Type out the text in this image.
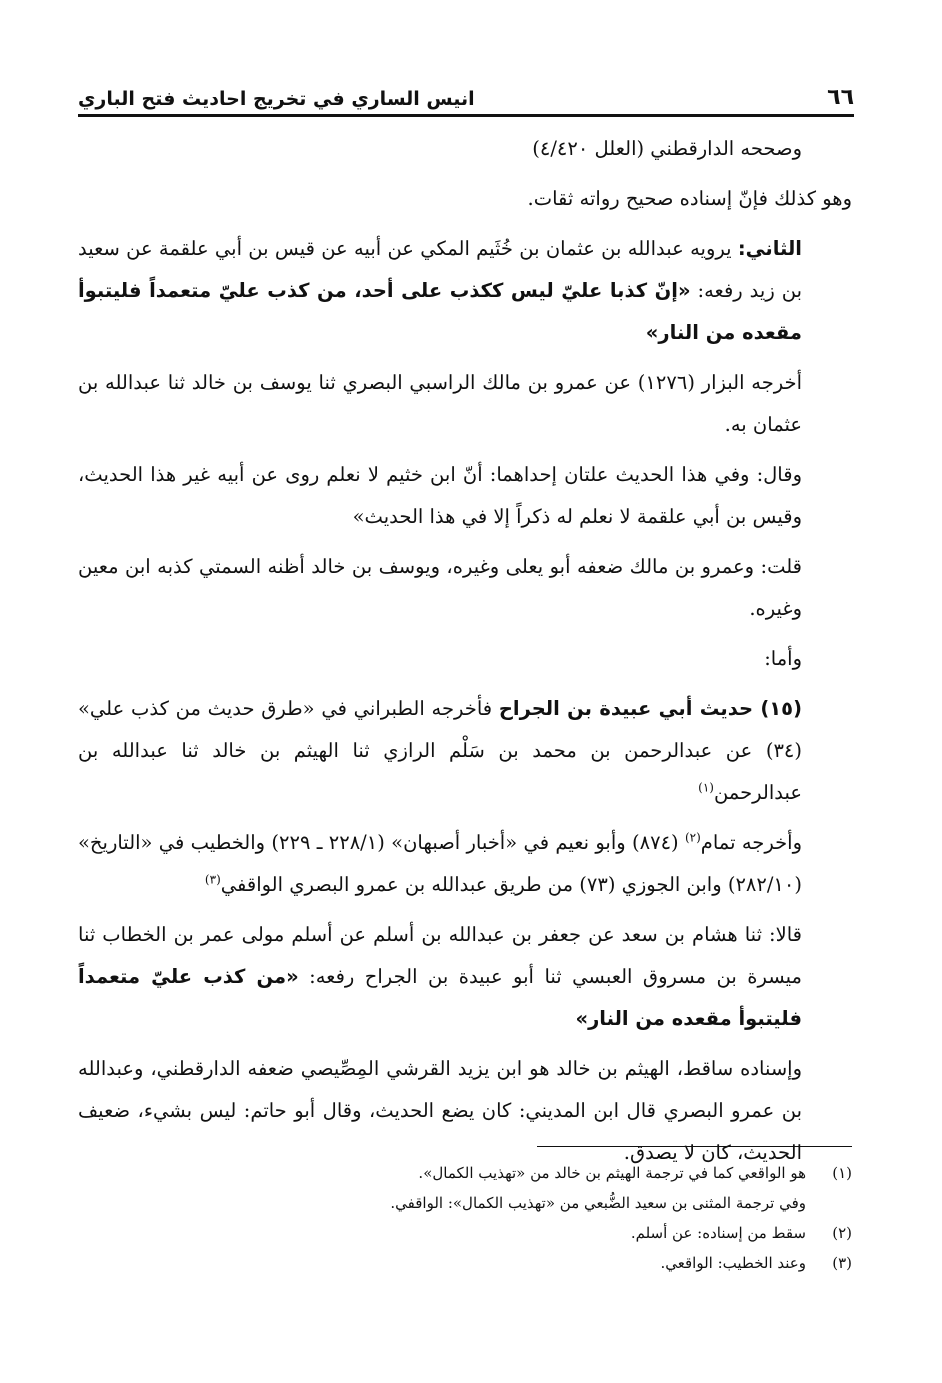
٦٦
انيس الساري في تخريج احاديث فتح الباري

وصححه الدارقطني (العلل ٤/٤٢٠)

وهو كذلك فإنّ إسناده صحيح رواته ثقات.

الثاني: يرويه عبدالله بن عثمان بن خُثَيم المكي عن أبيه عن قيس بن أبي علقمة عن سعيد بن زيد رفعه: «إنّ كذبا عليّ ليس ككذب على أحد، من كذب عليّ متعمداً فليتبوأ مقعده من النار»

أخرجه البزار (١٢٧٦) عن عمرو بن مالك الراسبي البصري ثنا يوسف بن خالد ثنا عبدالله بن عثمان به.

وقال: وفي هذا الحديث علتان إحداهما: أنّ ابن خثيم لا نعلم روى عن أبيه غير هذا الحديث، وقيس بن أبي علقمة لا نعلم له ذكراً إلا في هذا الحديث»

قلت: وعمرو بن مالك ضعفه أبو يعلى وغيره، ويوسف بن خالد أظنه السمتي كذبه ابن معين وغيره.

وأما:

(١٥) حديث أبي عبيدة بن الجراح فأخرجه الطبراني في «طرق حديث من كذب علي» (٣٤) عن عبدالرحمن بن محمد بن سَلْم الرازي ثنا الهيثم بن خالد ثنا عبدالله بن عبدالرحمن$^{(١)}$

وأخرجه تمام$^{(٢)}$ (٨٧٤) وأبو نعيم في «أخبار أصبهان» (٢٢٨/١ ـ ٢٢٩) والخطيب في «التاريخ» (٢٨٢/١٠) وابن الجوزي (٧٣) من طريق عبدالله بن عمرو البصري الواقفي$^{(٣)}$

قالا: ثنا هشام بن سعد عن جعفر بن عبدالله بن أسلم عن أسلم مولى عمر بن الخطاب ثنا ميسرة بن مسروق العبسي ثنا أبو عبيدة بن الجراح رفعه: «من كذب عليّ متعمداً فليتبوأ مقعده من النار»

وإسناده ساقط، الهيثم بن خالد هو ابن يزيد القرشي المِصِّيصي ضعفه الدارقطني، وعبدالله بن عمرو البصري قال ابن المديني: كان يضع الحديث، وقال أبو حاتم: ليس بشيء، ضعيف الحديث، كان لا يصدق.

(١)
هو الواقعي كما في ترجمة الهيثم بن خالد من «تهذيب الكمال».
وفي ترجمة المثنى بن سعيد الضُّبعي من «تهذيب الكمال»: الواقفي.
(٢)
سقط من إسناده: عن أسلم.
(٣)
وعند الخطيب: الواقعي.
